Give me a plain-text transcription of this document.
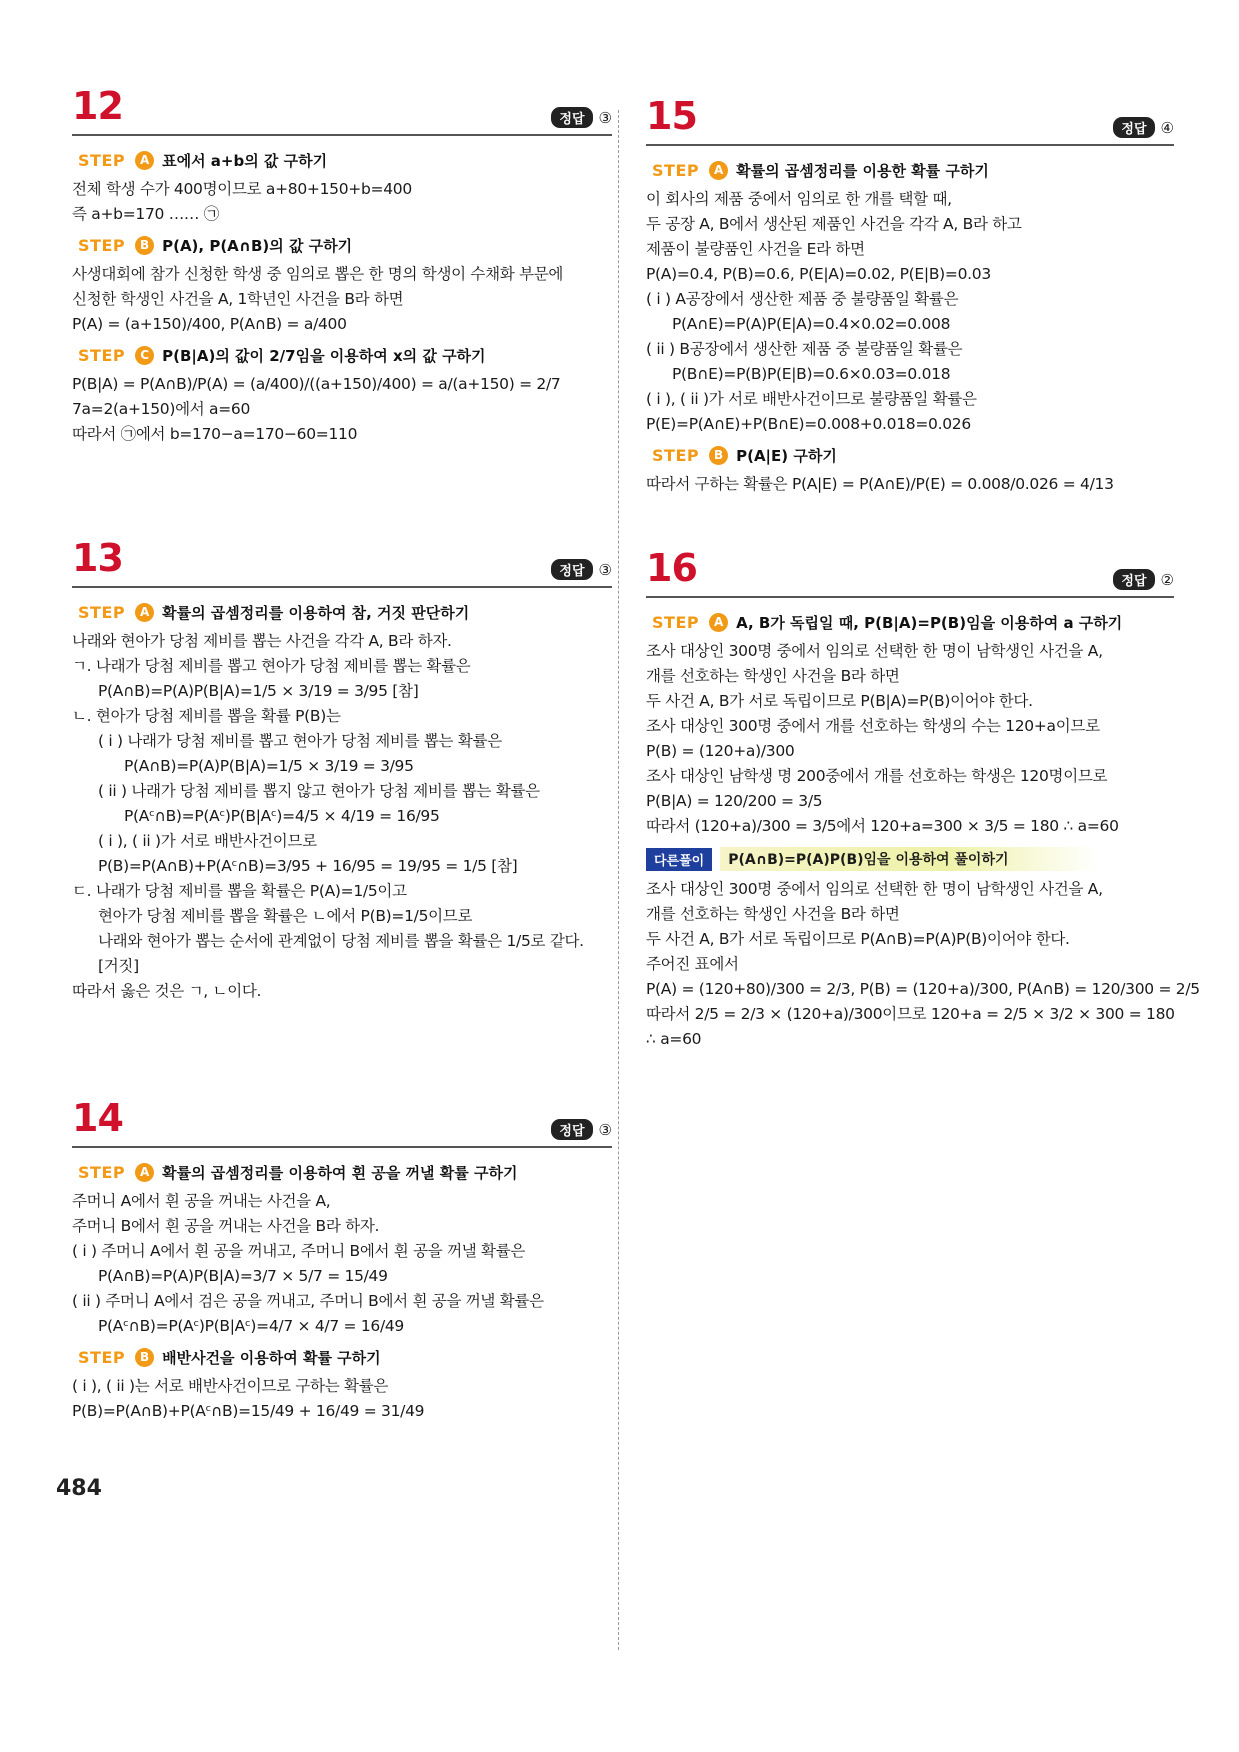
12	정답 ③
STEP	A 표에서 a+b의 값 구하기
전체 학생 수가 400명이므로 a+80+150+b=400
즉 a+b=170 …… ㉠
STEP	B P(A), P(A∩B)의 값 구하기
사생대회에 참가 신청한 학생 중 임의로 뽑은 한 명의 학생이 수채화 부문에
신청한 학생인 사건을 A, 1학년인 사건을 B라 하면
P(A) = (a+150)/400, P(A∩B) = a/400
STEP	C P(B|A)의 값이 2/7임을 이용하여 x의 값 구하기
P(B|A) = P(A∩B)/P(A) = (a/400)/((a+150)/400) = a/(a+150) = 2/7
7a=2(a+150)에서 a=60
따라서 ㉠에서 b=170−a=170−60=110
13	정답 ③
STEP	A 확률의 곱셈정리를 이용하여 참, 거짓 판단하기
나래와 현아가 당첨 제비를 뽑는 사건을 각각 A, B라 하자.
ㄱ. 나래가 당첨 제비를 뽑고 현아가 당첨 제비를 뽑는 확률은
P(A∩B)=P(A)P(B|A)=1/5 × 3/19 = 3/95 [참]
ㄴ. 현아가 당첨 제비를 뽑을 확률 P(B)는
( i ) 나래가 당첨 제비를 뽑고 현아가 당첨 제비를 뽑는 확률은
P(A∩B)=P(A)P(B|A)=1/5 × 3/19 = 3/95
( ii ) 나래가 당첨 제비를 뽑지 않고 현아가 당첨 제비를 뽑는 확률은
P(Aᶜ∩B)=P(Aᶜ)P(B|Aᶜ)=4/5 × 4/19 = 16/95
( i ), ( ii )가 서로 배반사건이므로
P(B)=P(A∩B)+P(Aᶜ∩B)=3/95 + 16/95 = 19/95 = 1/5 [참]
ㄷ. 나래가 당첨 제비를 뽑을 확률은 P(A)=1/5이고
현아가 당첨 제비를 뽑을 확률은 ㄴ에서 P(B)=1/5이므로
나래와 현아가 뽑는 순서에 관계없이 당첨 제비를 뽑을 확률은 1/5로 같다.
[거짓]
따라서 옳은 것은 ㄱ, ㄴ이다.
14	정답 ③
STEP	A 확률의 곱셈정리를 이용하여 흰 공을 꺼낼 확률 구하기
주머니 A에서 흰 공을 꺼내는 사건을 A,
주머니 B에서 흰 공을 꺼내는 사건을 B라 하자.
( i ) 주머니 A에서 흰 공을 꺼내고, 주머니 B에서 흰 공을 꺼낼 확률은
P(A∩B)=P(A)P(B|A)=3/7 × 5/7 = 15/49
( ii ) 주머니 A에서 검은 공을 꺼내고, 주머니 B에서 흰 공을 꺼낼 확률은
P(Aᶜ∩B)=P(Aᶜ)P(B|Aᶜ)=4/7 × 4/7 = 16/49
STEP	B 배반사건을 이용하여 확률 구하기
( i ), ( ii )는 서로 배반사건이므로 구하는 확률은
P(B)=P(A∩B)+P(Aᶜ∩B)=15/49 + 16/49 = 31/49
15	정답 ④
STEP	A 확률의 곱셈정리를 이용한 확률 구하기
이 회사의 제품 중에서 임의로 한 개를 택할 때,
두 공장 A, B에서 생산된 제품인 사건을 각각 A, B라 하고
제품이 불량품인 사건을 E라 하면
P(A)=0.4, P(B)=0.6, P(E|A)=0.02, P(E|B)=0.03
( i ) A공장에서 생산한 제품 중 불량품일 확률은
P(A∩E)=P(A)P(E|A)=0.4×0.02=0.008
( ii ) B공장에서 생산한 제품 중 불량품일 확률은
P(B∩E)=P(B)P(E|B)=0.6×0.03=0.018
( i ), ( ii )가 서로 배반사건이므로 불량품일 확률은
P(E)=P(A∩E)+P(B∩E)=0.008+0.018=0.026
STEP	B P(A|E) 구하기
따라서 구하는 확률은 P(A|E) = P(A∩E)/P(E) = 0.008/0.026 = 4/13
16	정답 ②
STEP	A A, B가 독립일 때, P(B|A)=P(B)임을 이용하여 a 구하기
조사 대상인 300명 중에서 임의로 선택한 한 명이 남학생인 사건을 A,
개를 선호하는 학생인 사건을 B라 하면
두 사건 A, B가 서로 독립이므로 P(B|A)=P(B)이어야 한다.
조사 대상인 300명 중에서 개를 선호하는 학생의 수는 120+a이므로
P(B) = (120+a)/300
조사 대상인 남학생 명 200중에서 개를 선호하는 학생은 120명이므로
P(B|A) = 120/200 = 3/5
따라서 (120+a)/300 = 3/5에서 120+a=300 × 3/5 = 180 ∴ a=60
다른풀이	P(A∩B)=P(A)P(B)임을 이용하여 풀이하기
조사 대상인 300명 중에서 임의로 선택한 한 명이 남학생인 사건을 A,
개를 선호하는 학생인 사건을 B라 하면
두 사건 A, B가 서로 독립이므로 P(A∩B)=P(A)P(B)이어야 한다.
주어진 표에서
P(A) = (120+80)/300 = 2/3, P(B) = (120+a)/300, P(A∩B) = 120/300 = 2/5
따라서 2/5 = 2/3 × (120+a)/300이므로 120+a = 2/5 × 3/2 × 300 = 180
∴ a=60
484
